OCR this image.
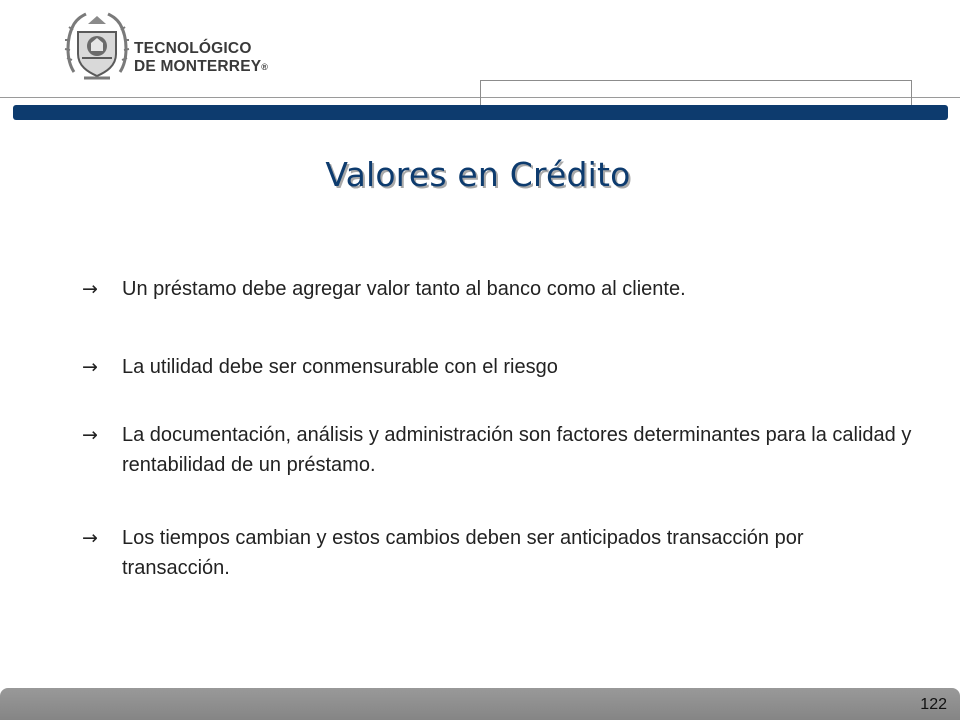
TECNOLÓGICO
DE MONTERREY®
Valores en Crédito
→ Un préstamo debe agregar valor tanto al banco como al cliente.
→ La utilidad debe ser conmensurable con el riesgo
→ La documentación, análisis y administración son factores determinantes para la calidad y rentabilidad de un préstamo.
→ Los tiempos cambian y estos cambios deben ser anticipados transacción por transacción.
122
